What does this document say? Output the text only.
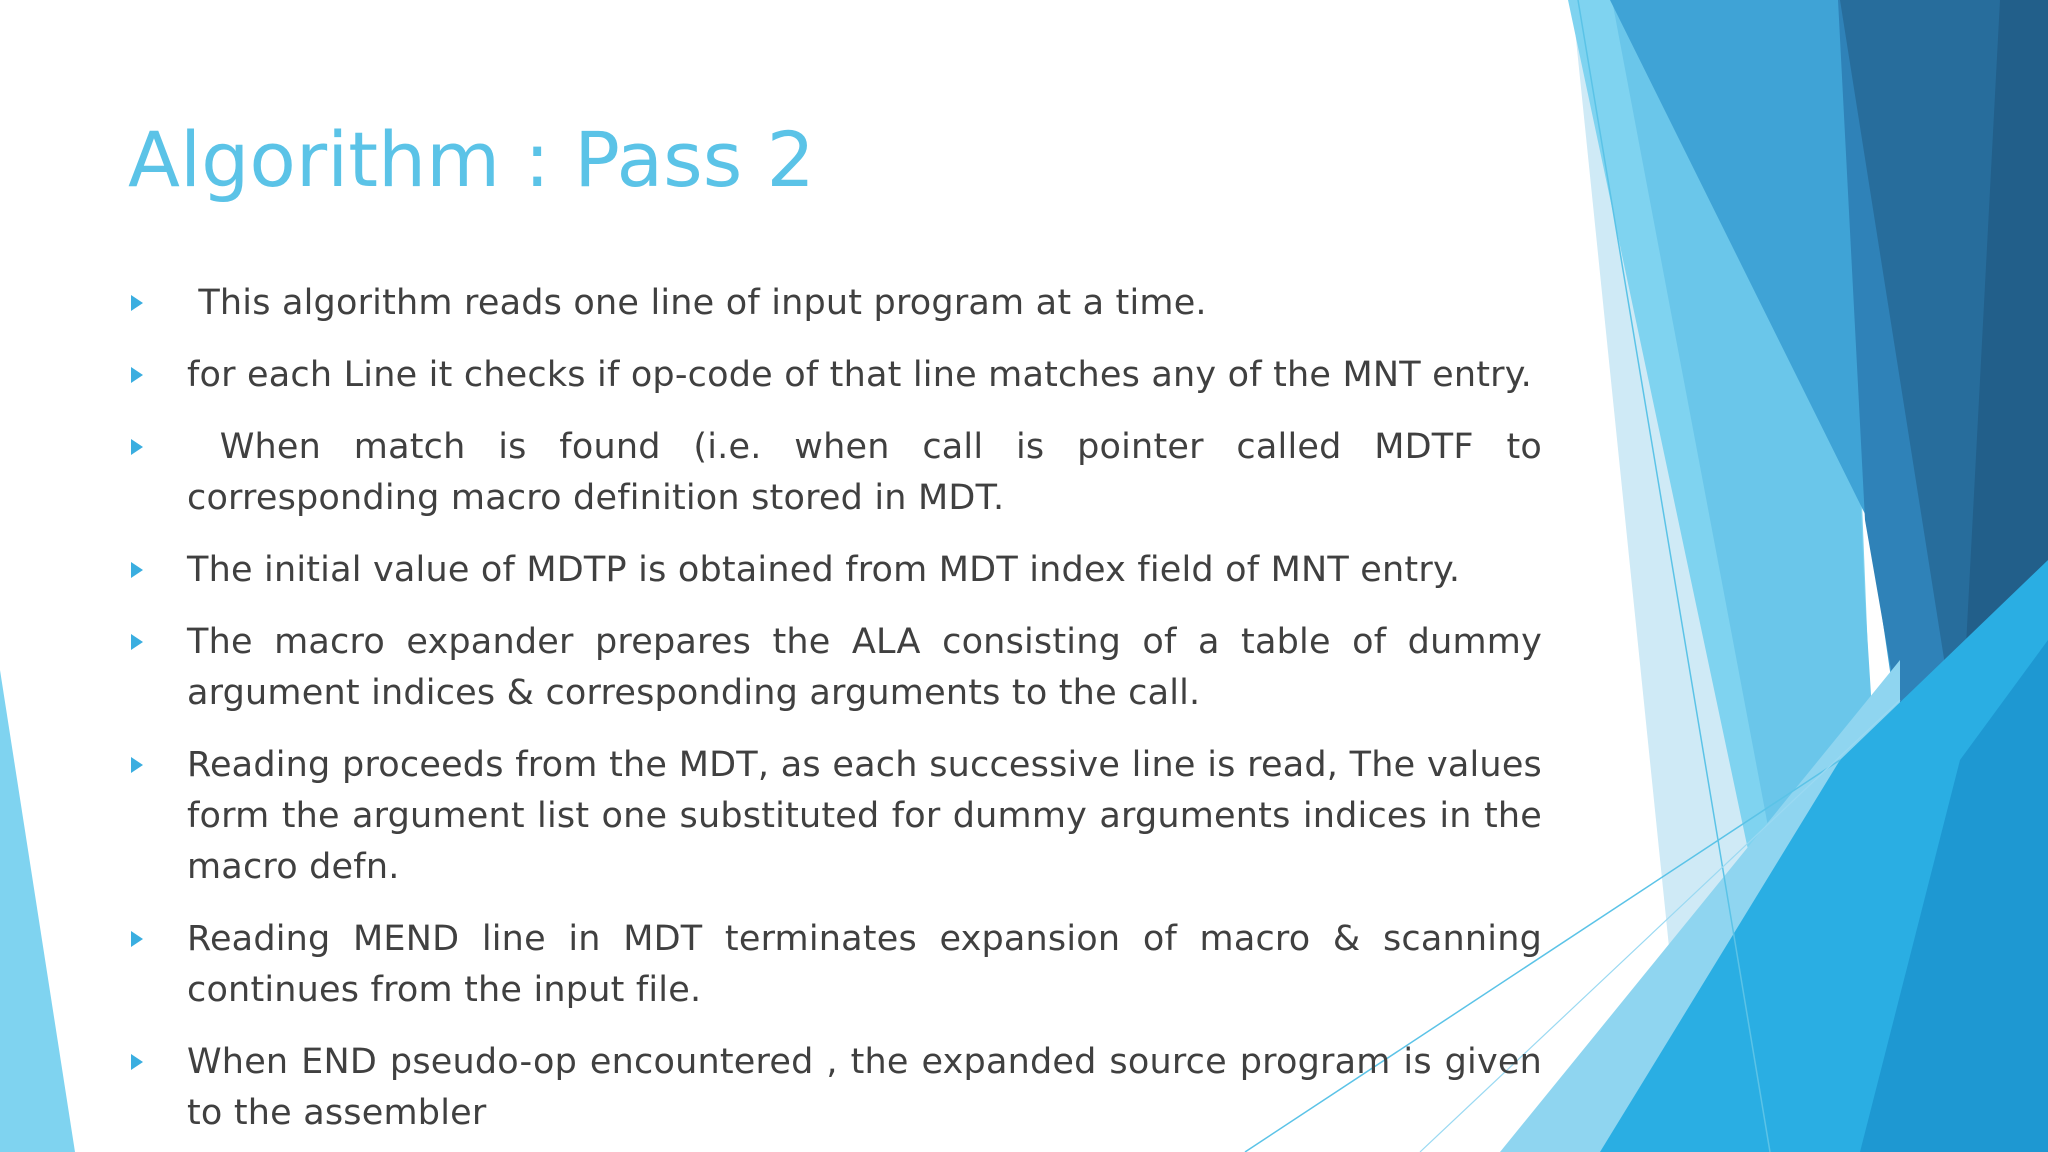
Algorithm : Pass 2
This algorithm reads one line of input program at a time.
for each Line it checks if op-code of that line matches any of the MNT entry.
When match is found (i.e. when call is pointer called MDTF to corresponding macro definition stored in MDT.
The initial value of MDTP is obtained from MDT index field of MNT entry.
The macro expander prepares the ALA consisting of a table of dummy argument indices & corresponding arguments to the call.
Reading proceeds from the MDT, as each successive line is read, The values form the argument list one substituted for dummy arguments indices in the macro defn.
Reading MEND line in MDT terminates expansion of macro & scanning continues from the input file.
When END pseudo-op encountered , the expanded source program is given to the assembler
